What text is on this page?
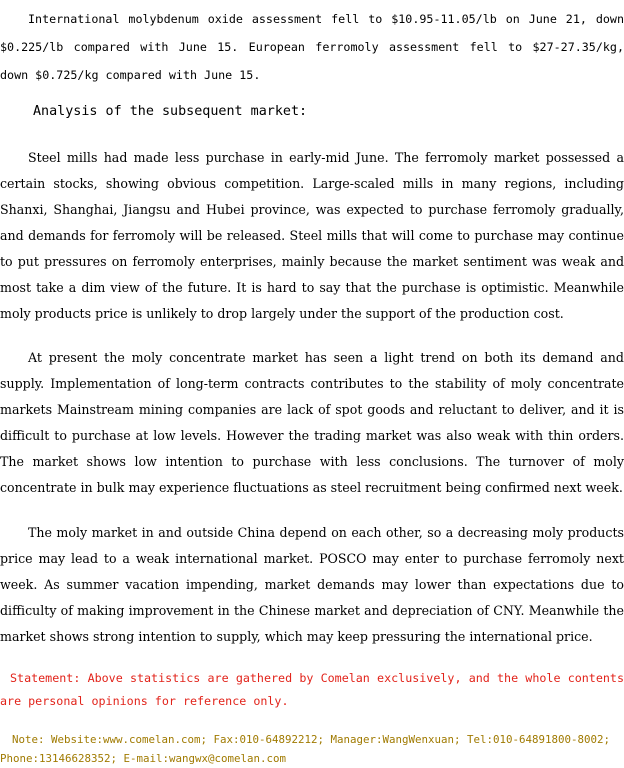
International molybdenum oxide assessment fell to $10.95-11.05/lb on June 21, down $0.225/lb compared with June 15. European ferromoly assessment fell to $27-27.35/kg, down $0.725/kg compared with June 15.

Analysis of the subsequent market:

Steel mills had made less purchase in early-mid June. The ferromoly market possessed a certain stocks, showing obvious competition. Large-scaled mills in many regions, including Shanxi, Shanghai, Jiangsu and Hubei province, was expected to purchase ferromoly gradually, and demands for ferromoly will be released. Steel mills that will come to purchase may continue to put pressures on ferromoly enterprises, mainly because the market sentiment was weak and most take a dim view of the future. It is hard to say that the purchase is optimistic. Meanwhile moly products price is unlikely to drop largely under the support of the production cost.

At present the moly concentrate market has seen a light trend on both its demand and supply. Implementation of long-term contracts contributes to the stability of moly concentrate markets Mainstream mining companies are lack of spot goods and reluctant to deliver, and it is difficult to purchase at low levels. However the trading market was also weak with thin orders. The market shows low intention to purchase with less conclusions. The turnover of moly concentrate in bulk may experience fluctuations as steel recruitment being confirmed next week.

The moly market in and outside China depend on each other, so a decreasing moly products price may lead to a weak international market. POSCO may enter to purchase ferromoly next week. As summer vacation impending, market demands may lower than expectations due to difficulty of making improvement in the Chinese market and depreciation of CNY. Meanwhile the market shows strong intention to supply, which may keep pressuring the international price.

Statement: Above statistics are gathered by Comelan exclusively, and the whole contents are personal opinions for reference only.

Note: Website:www.comelan.com; Fax:010-64892212; Manager:WangWenxuan; Tel:010-64891800-8002; Phone:13146628352; E-mail:wangwx@comelan.com
